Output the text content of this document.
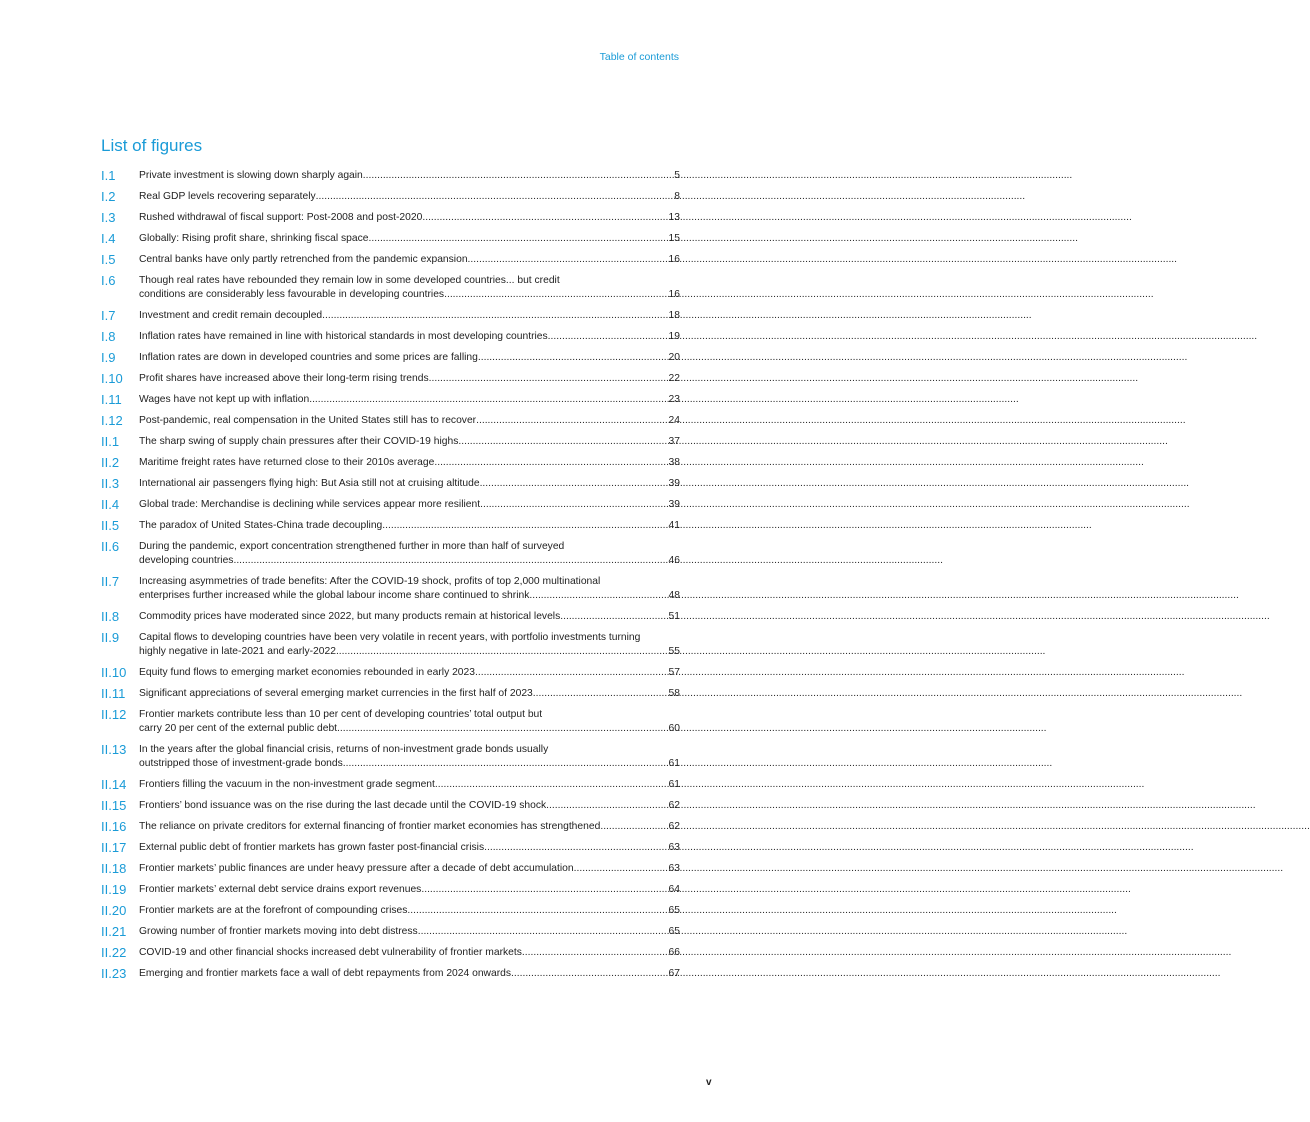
Table of contents
List of figures
I.1 Private investment is slowing down sharply again .....	5
I.2 Real GDP levels recovering separately .....	8
I.3 Rushed withdrawal of fiscal support: Post-2008 and post-2020 .....	13
I.4 Globally: Rising profit share, shrinking fiscal space .....	15
I.5 Central banks have only partly retrenched from the pandemic expansion .....	16
I.6 Though real rates have rebounded they remain low in some developed countries... but credit
conditions are considerably less favourable in developing countries .....	16
I.7 Investment and credit remain decoupled .....	18
I.8 Inflation rates have remained in line with historical standards in most developing countries .....	19
I.9 Inflation rates are down in developed countries and some prices are falling .....	20
I.10 Profit shares have increased above their long-term rising trends .....	22
I.11 Wages have not kept up with inflation .....	23
I.12 Post-pandemic, real compensation in the United States still has to recover .....	24
II.1 The sharp swing of supply chain pressures after their COVID-19 highs .....	37
II.2 Maritime freight rates have returned close to their 2010s average .....	38
II.3 International air passengers flying high: But Asia still not at cruising altitude .....	39
II.4 Global trade: Merchandise is declining while services appear more resilient .....	39
II.5 The paradox of United States-China trade decoupling .....	41
II.6 During the pandemic, export concentration strengthened further in more than half of surveyed
developing countries .....	46
II.7 Increasing asymmetries of trade benefits: After the COVID-19 shock, profits of top 2,000 multinational
enterprises further increased while the global labour income share continued to shrink .....	48
II.8 Commodity prices have moderated since 2022, but many products remain at historical levels .....	51
II.9 Capital flows to developing countries have been very volatile in recent years, with portfolio investments turning
highly negative in late-2021 and early-2022 .....	55
II.10 Equity fund flows to emerging market economies rebounded in early 2023 .....	57
II.11 Significant appreciations of several emerging market currencies in the first half of 2023 .....	58
II.12 Frontier markets contribute less than 10 per cent of developing countries’ total output but
carry 20 per cent of the external public debt .....	60
II.13 In the years after the global financial crisis, returns of non-investment grade bonds usually
outstripped those of investment-grade bonds .....	61
II.14 Frontiers filling the vacuum in the non-investment grade segment .....	61
II.15 Frontiers’ bond issuance was on the rise during the last decade until the COVID-19 shock .....	62
II.16 The reliance on private creditors for external financing of frontier market economies has strengthened .....	62
II.17 External public debt of frontier markets has grown faster post-financial crisis .....	63
II.18 Frontier markets’ public finances are under heavy pressure after a decade of debt accumulation .....	63
II.19 Frontier markets’ external debt service drains export revenues .....	64
II.20 Frontier markets are at the forefront of compounding crises .....	65
II.21 Growing number of frontier markets moving into debt distress .....	65
II.22 COVID-19 and other financial shocks increased debt vulnerability of frontier markets .....	66
II.23 Emerging and frontier markets face a wall of debt repayments from 2024 onwards .....	67
v
